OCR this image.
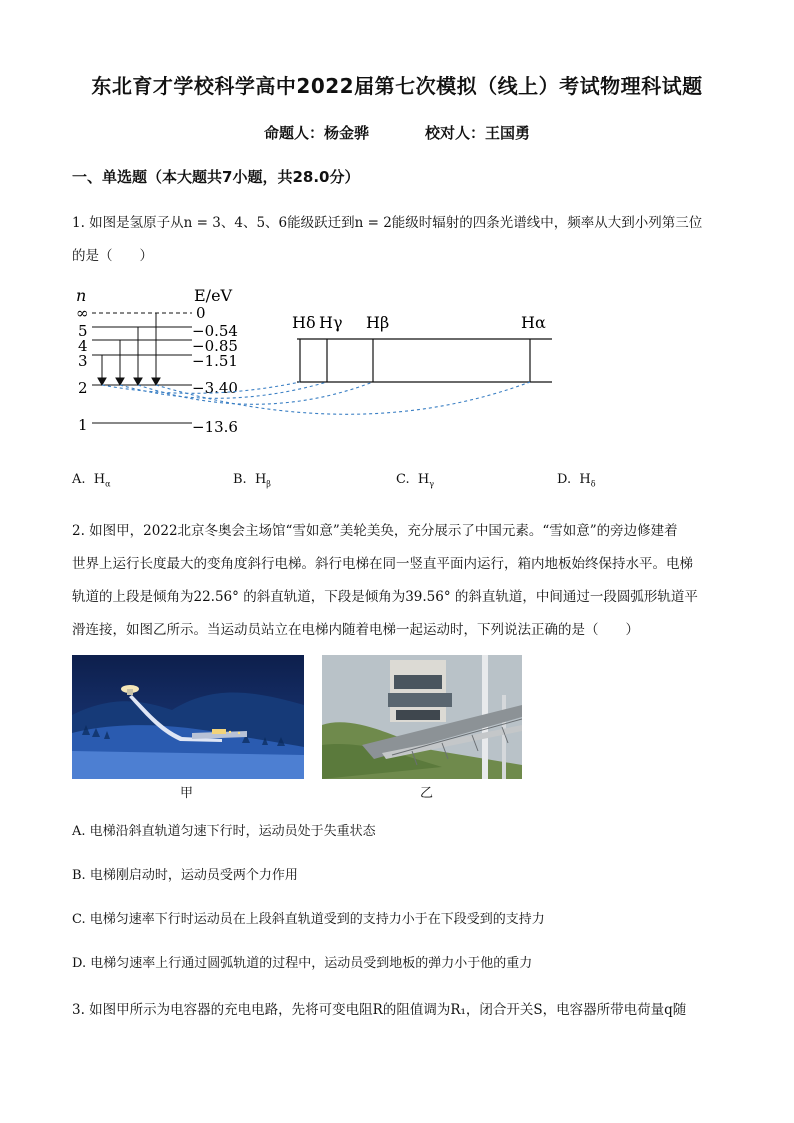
东北育才学校科学高中2022届第七次模拟（线上）考试物理科试题
命题人：杨金骅	校对人：王国勇
一、单选题（本大题共7小题，共28.0分）
1. 如图是氢原子从n = 3、4、5、6能级跃迁到n = 2能级时辐射的四条光谱线中，频率从大到小列第三位
的是（　　）
n	E/eV
∞	0
5	−0.54
4	−0.85
3	−1.51
2	−3.40
1	−13.6
Hδ Hγ Hβ	Hα
A. $H_\alpha$	B. $H_\beta$	C. $H_\gamma$	D. $H_\delta$
2. 如图甲，2022北京冬奥会主场馆“雪如意”美轮美奂，充分展示了中国元素。“雪如意”的旁边修建着
世界上运行长度最大的变角度斜行电梯。斜行电梯在同一竖直平面内运行，箱内地板始终保持水平。电梯
轨道的上段是倾角为22.56° 的斜直轨道，下段是倾角为39.56° 的斜直轨道，中间通过一段圆弧形轨道平
滑连接，如图乙所示。当运动员站立在电梯内随着电梯一起运动时，下列说法正确的是（　　）
甲	乙
A. 电梯沿斜直轨道匀速下行时，运动员处于失重状态
B. 电梯刚启动时，运动员受两个力作用
C. 电梯匀速率下行时运动员在上段斜直轨道受到的支持力小于在下段受到的支持力
D. 电梯匀速率上行通过圆弧轨道的过程中，运动员受到地板的弹力小于他的重力
3. 如图甲所示为电容器的充电电路，先将可变电阻R的阻值调为R₁，闭合开关S，电容器所带电荷量q随
